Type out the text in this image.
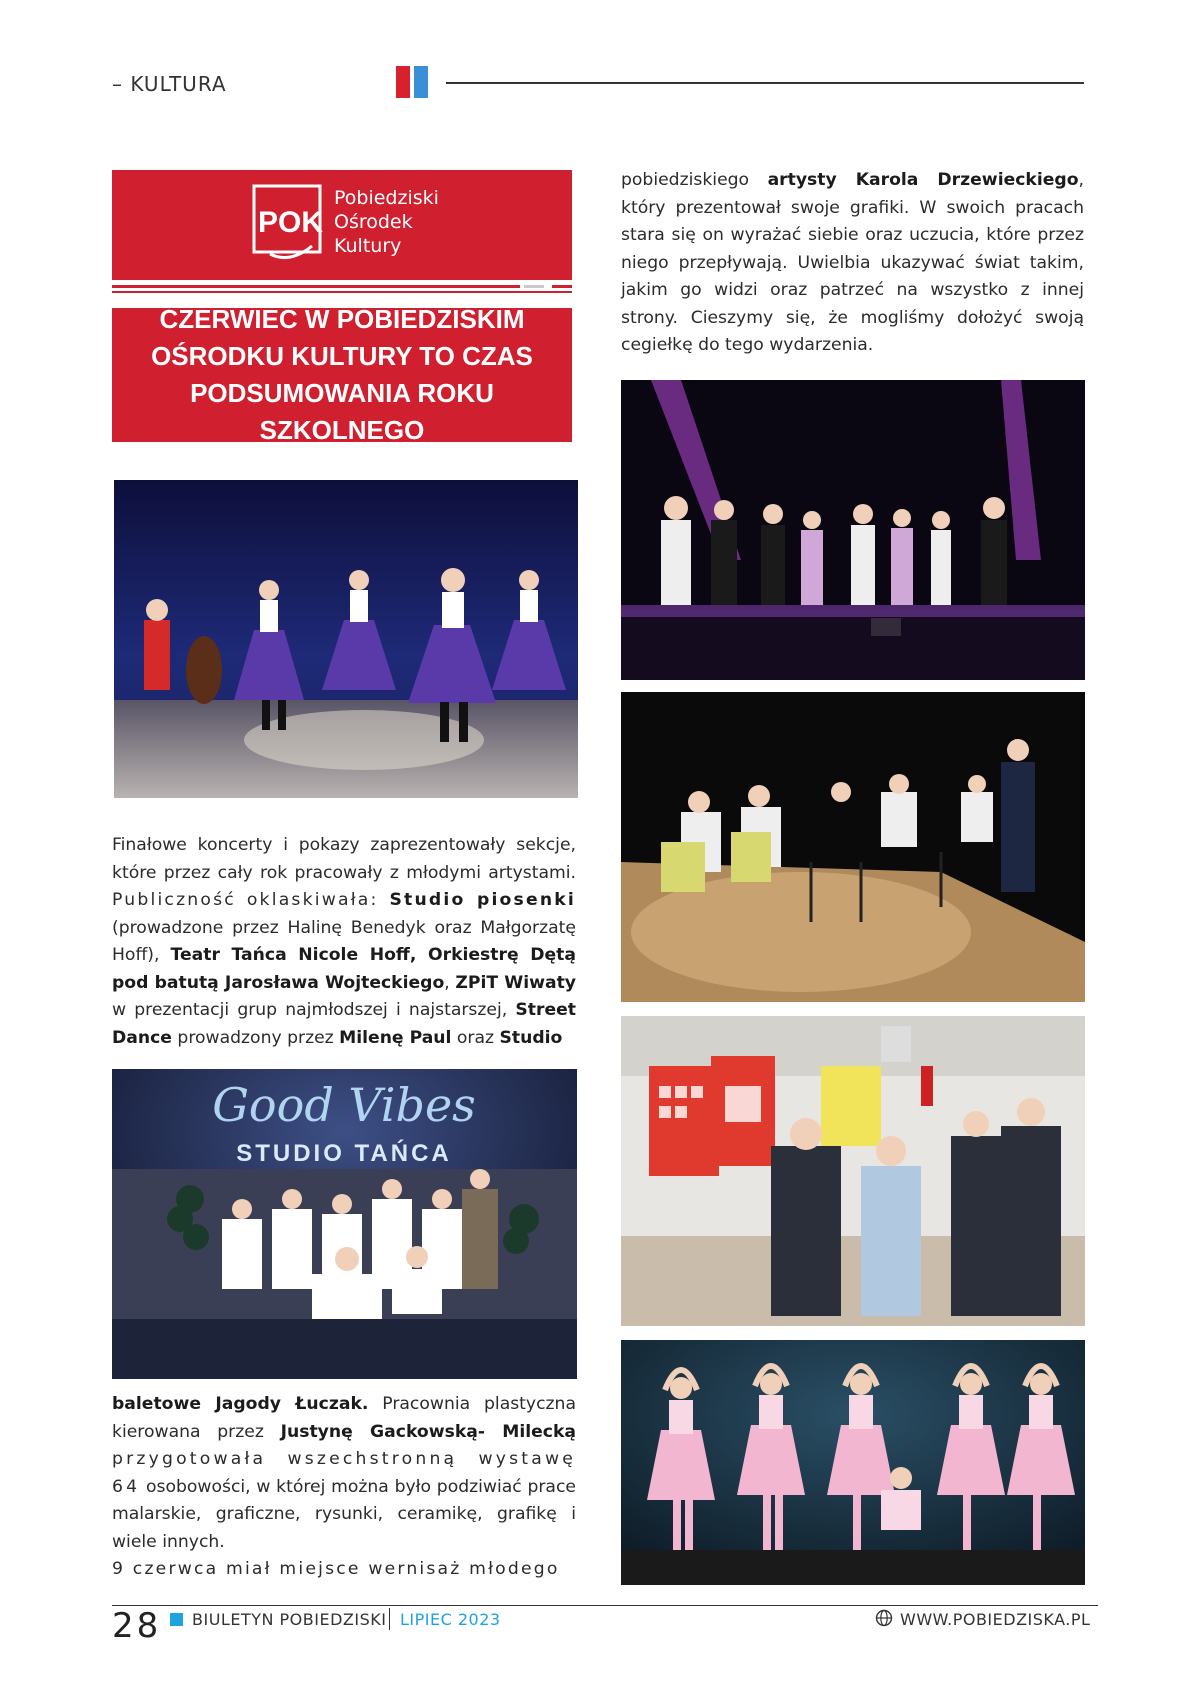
– KULTURA
POK
Pobiedziski
Ośrodek
Kultury
CZERWIEC W POBIEDZISKIM
OŚRODKU KULTURY TO CZAS
PODSUMOWANIA ROKU SZKOLNEGO
Finałowe koncerty i pokazy zaprezentowały sekcje, które przez cały rok pracowały z młodymi artystami. Publiczność oklaskiwała: Studio piosenki (prowadzone przez Halinę Benedyk oraz Małgorzatę Hoff), Teatr Tańca Nicole Hoff, Orkiestrę Dętą pod batutą Jarosława Wojteckiego, ZPiT Wiwaty w prezentacji grup najmłodszej i najstarszej, Street Dance prowadzony przez Milenę Paul oraz Studio
Good Vibes
STUDIO TAŃCA
baletowe Jagody Łuczak. Pracownia plastyczna kierowana przez Justynę Gackowską- Milecką przygotowała wszechstronną wystawę 64 osobowości, w której można było podziwiać prace malarskie, graficzne, rysunki, ceramikę, grafikę i wiele innych.
9 czerwca miał miejsce wernisaż młodego
pobiedziskiego artysty Karola Drzewieckiego, który prezentował swoje grafiki. W swoich pracach stara się on wyrażać siebie oraz uczucia, które przez niego przepływają. Uwielbia ukazywać świat takim, jakim go widzi oraz patrzeć na wszystko z innej strony. Cieszymy się, że mogliśmy dołożyć swoją cegiełkę do tego wydarzenia.
28 BIULETYN POBIEDZISKI LIPIEC 2023	WWW.POBIEDZISKA.PL
